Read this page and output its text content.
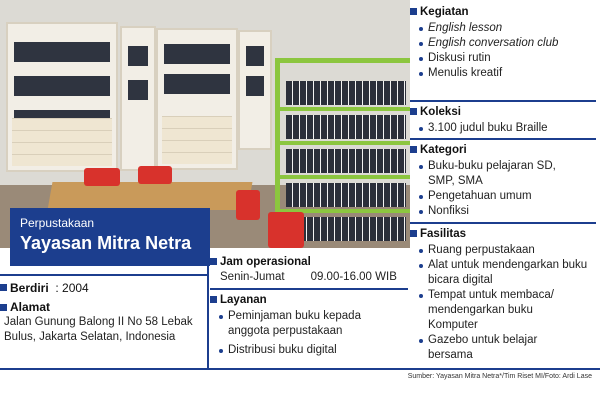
Perpustakaan
Yayasan Mitra Netra
Kegiatan
English lesson
English conversation club
Diskusi rutin
Menulis kreatif
Koleksi
3.100 judul buku Braille
Kategori
Buku-buku pelajaran SD, SMP, SMA
Pengetahuan umum
Nonfiksi
Fasilitas
Ruang perpustakaan
Alat untuk mendengarkan buku bicara digital
Tempat untuk membaca/ mendengarkan buku Komputer
Gazebo untuk belajar bersama
Berdiri : 2004
Alamat
Jalan Gunung Balong II No 58 Lebak Bulus, Jakarta Selatan, Indonesia
Jam operasional
Senin-Jumat 09.00-16.00 WIB
Layanan
Peminjaman buku kepada anggota perpustakaan
Distribusi buku digital
Sumber: Yayasan Mitra Netra*/Tim Riset MI/Foto: Ardi Lase
